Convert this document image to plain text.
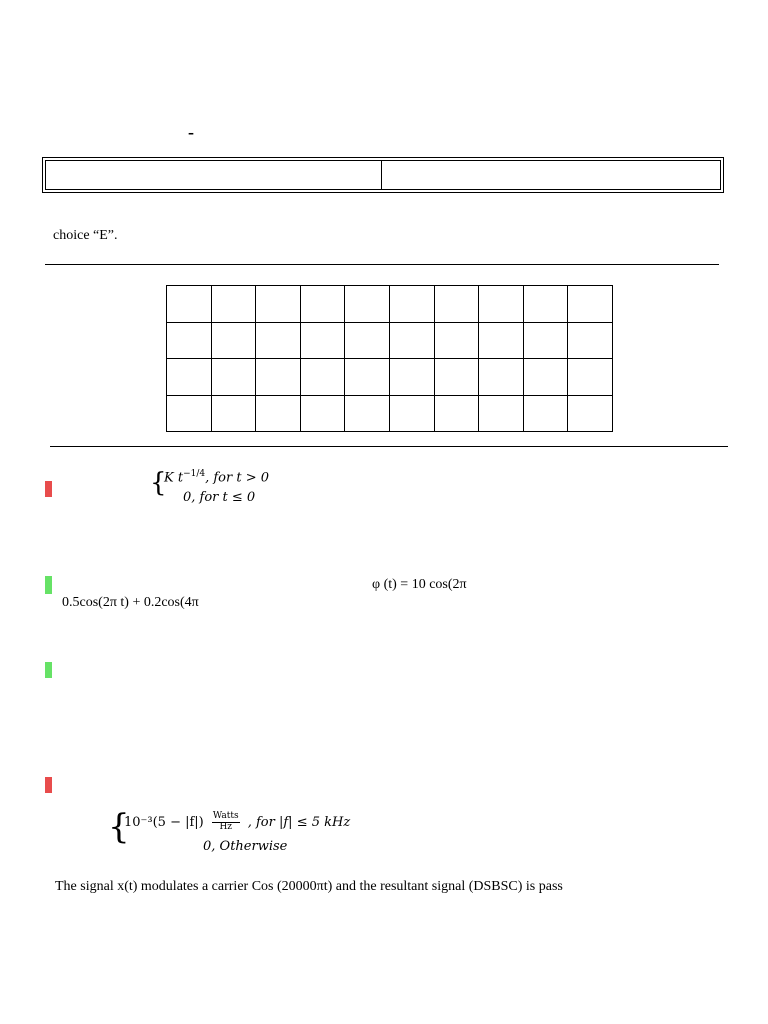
-
choice “E”.

{
K $t^{-1/4}$, for t > 0
0, for t ≤ 0
φ (t) = 10 cos(2π
0.5cos(2π t) + 0.2cos(4π
{
$10^{-3}(5 - |f|) \frac{\text{Watts}}{Hz}$ , for |f| ≤ 5 kHz
0, Otherwise
The signal x(t) modulates a carrier Cos (20000πt) and the resultant signal (DSBSC) is pass
